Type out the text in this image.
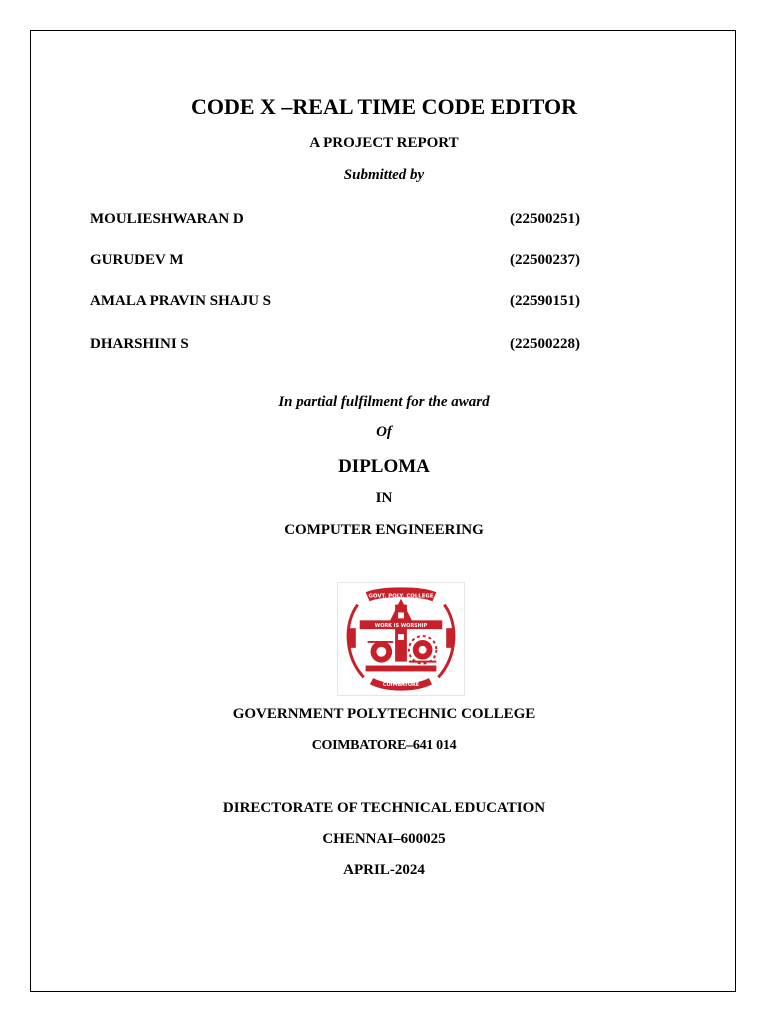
CODE X –REAL TIME CODE EDITOR
A PROJECT REPORT
Submitted by
MOULIESHWARAN D	(22500251)
GURUDEV M	(22500237)
AMALA PRAVIN SHAJU S	(22590151)
DHARSHINI S	(22500228)
In partial fulfilment for the award
Of
DIPLOMA
IN
COMPUTER ENGINEERING
GOVT. POLY. COLLEGE
WORK IS WORSHIP
COIMBATORE
GOVERNMENT POLYTECHNIC COLLEGE
COIMBATORE–641 014
DIRECTORATE OF TECHNICAL EDUCATION
CHENNAI–600025
APRIL-2024
